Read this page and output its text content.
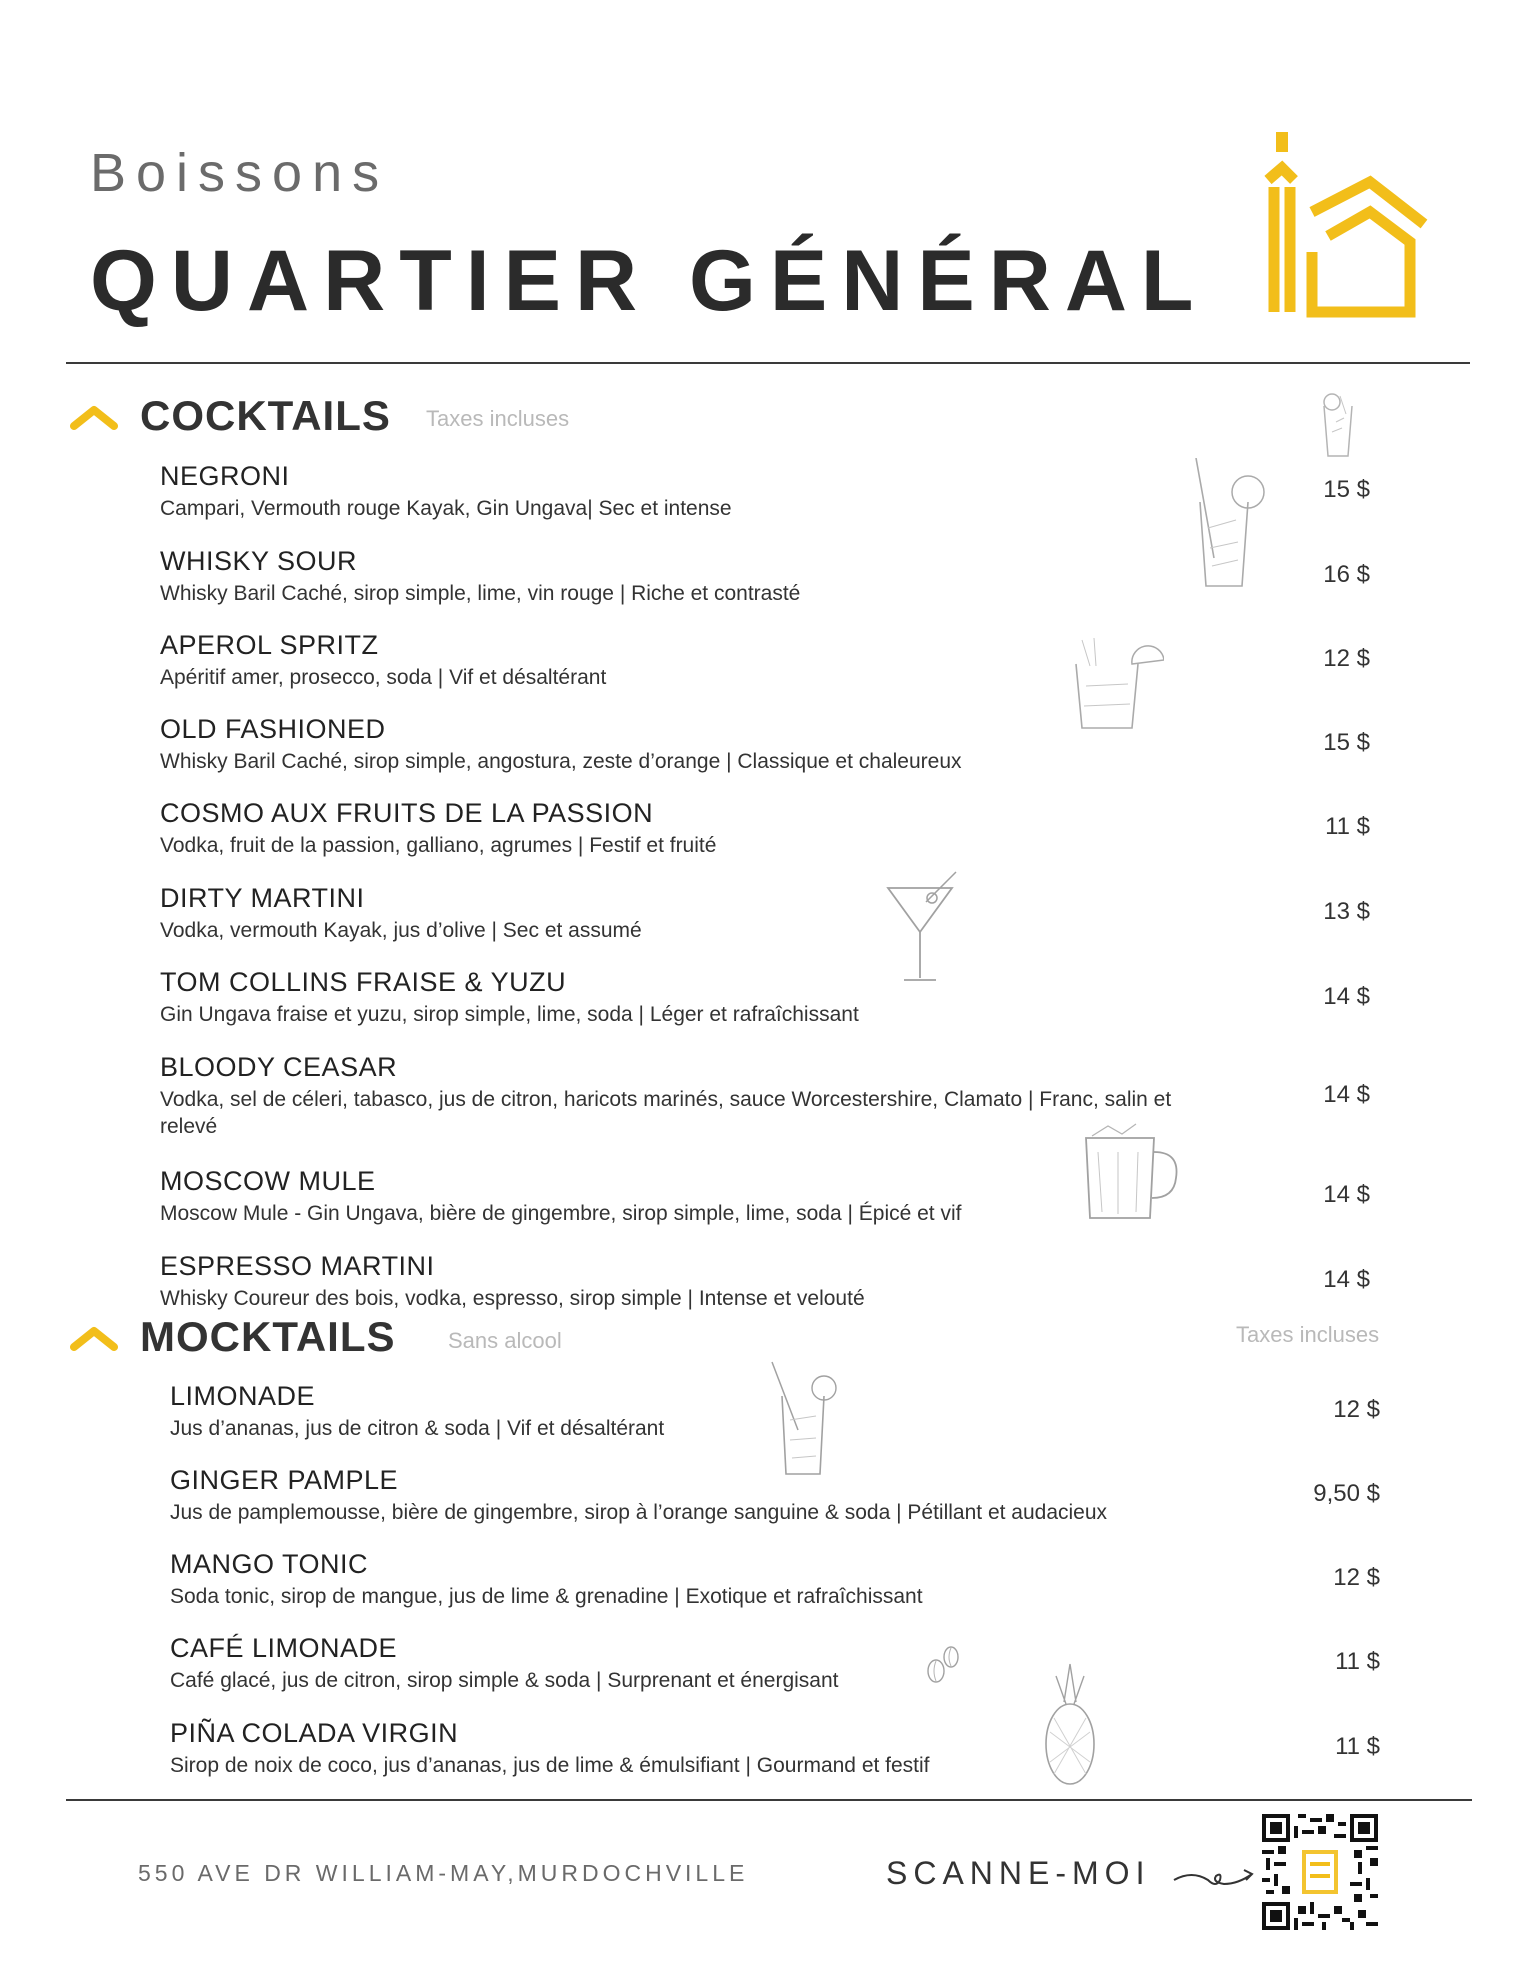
Boissons
QUARTIER GÉNÉRAL
COCKTAILS Taxes incluses
NEGRONI
Campari, Vermouth rouge Kayak, Gin Ungava| Sec et intense
15 $
WHISKY SOUR
Whisky Baril Caché, sirop simple, lime, vin rouge | Riche et contrasté
16 $
APEROL SPRITZ
Apéritif amer, prosecco, soda | Vif et désaltérant
12 $
OLD FASHIONED
Whisky Baril Caché, sirop simple, angostura, zeste d’orange | Classique et chaleureux
15 $
COSMO AUX FRUITS DE LA PASSION
Vodka, fruit de la passion, galliano, agrumes | Festif et fruité
11 $
DIRTY MARTINI
Vodka, vermouth Kayak, jus d’olive | Sec et assumé
13 $
TOM COLLINS FRAISE & YUZU
Gin Ungava fraise et yuzu, sirop simple, lime, soda | Léger et rafraîchissant
14 $
BLOODY CEASAR
Vodka, sel de céleri, tabasco, jus de citron, haricots marinés, sauce Worcestershire, Clamato | Franc, salin et relevé
14 $
MOSCOW MULE
Moscow Mule - Gin Ungava, bière de gingembre, sirop simple, lime, soda | Épicé et vif
14 $
ESPRESSO MARTINI
Whisky Coureur des bois, vodka, espresso, sirop simple | Intense et velouté
14 $
MOCKTAILS Sans alcool	Taxes incluses
LIMONADE
Jus d’ananas, jus de citron & soda | Vif et désaltérant
12 $
GINGER PAMPLE
Jus de pamplemousse, bière de gingembre, sirop à l’orange sanguine & soda | Pétillant et audacieux
9,50 $
MANGO TONIC
Soda tonic, sirop de mangue, jus de lime & grenadine | Exotique et rafraîchissant
12 $
CAFÉ LIMONADE
Café glacé, jus de citron, sirop simple & soda | Surprenant et énergisant
11 $
PIÑA COLADA VIRGIN
Sirop de noix de coco, jus d’ananas, jus de lime & émulsifiant | Gourmand et festif
11 $
550 AVE DR WILLIAM-MAY,MURDOCHVILLE	SCANNE-MOI
